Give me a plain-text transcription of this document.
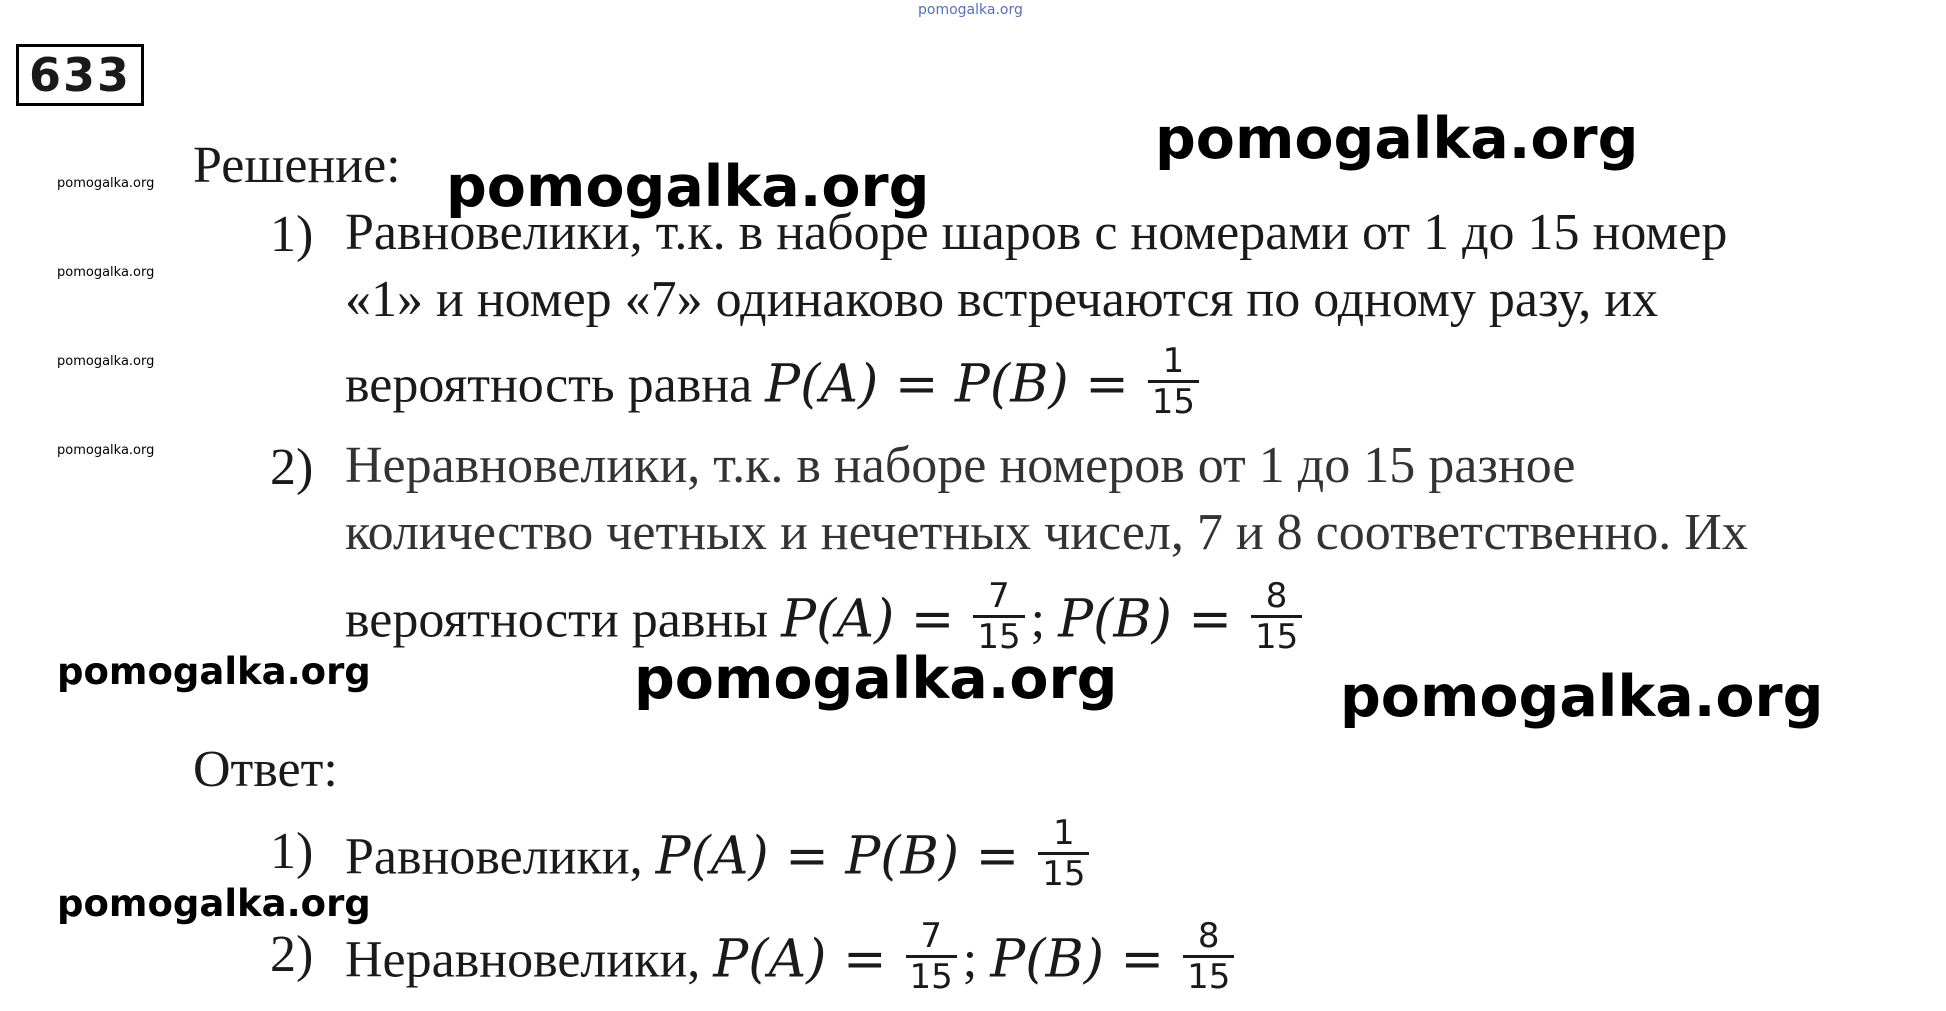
pomogalka.org
pomogalka.org
pomogalka.org
pomogalka.org
pomogalka.org
pomogalka.org
pomogalka.org
pomogalka.org	pomogalka.org	pomogalka.org
pomogalka.org
633
Решение:
1) Равновелики, т.к. в наборе шаров с номерами от 1 до 15 номер
«1» и номер «7» одинаково встречаются по одному разу, их
вероятность равна $P(A) = P(B) = \frac{1}{15}$
2) Неравновелики, т.к. в наборе номеров от 1 до 15 разное
количество четных и нечетных чисел, 7 и 8 соответственно. Их
вероятности равны $P(A) = \frac{7}{15}$ ; $P(B) = \frac{8}{15}$
Ответ:
1) Равновелики, $P(A) = P(B) = \frac{1}{15}$
2) Неравновелики, $P(A) = \frac{7}{15}$ ; $P(B) = \frac{8}{15}$
